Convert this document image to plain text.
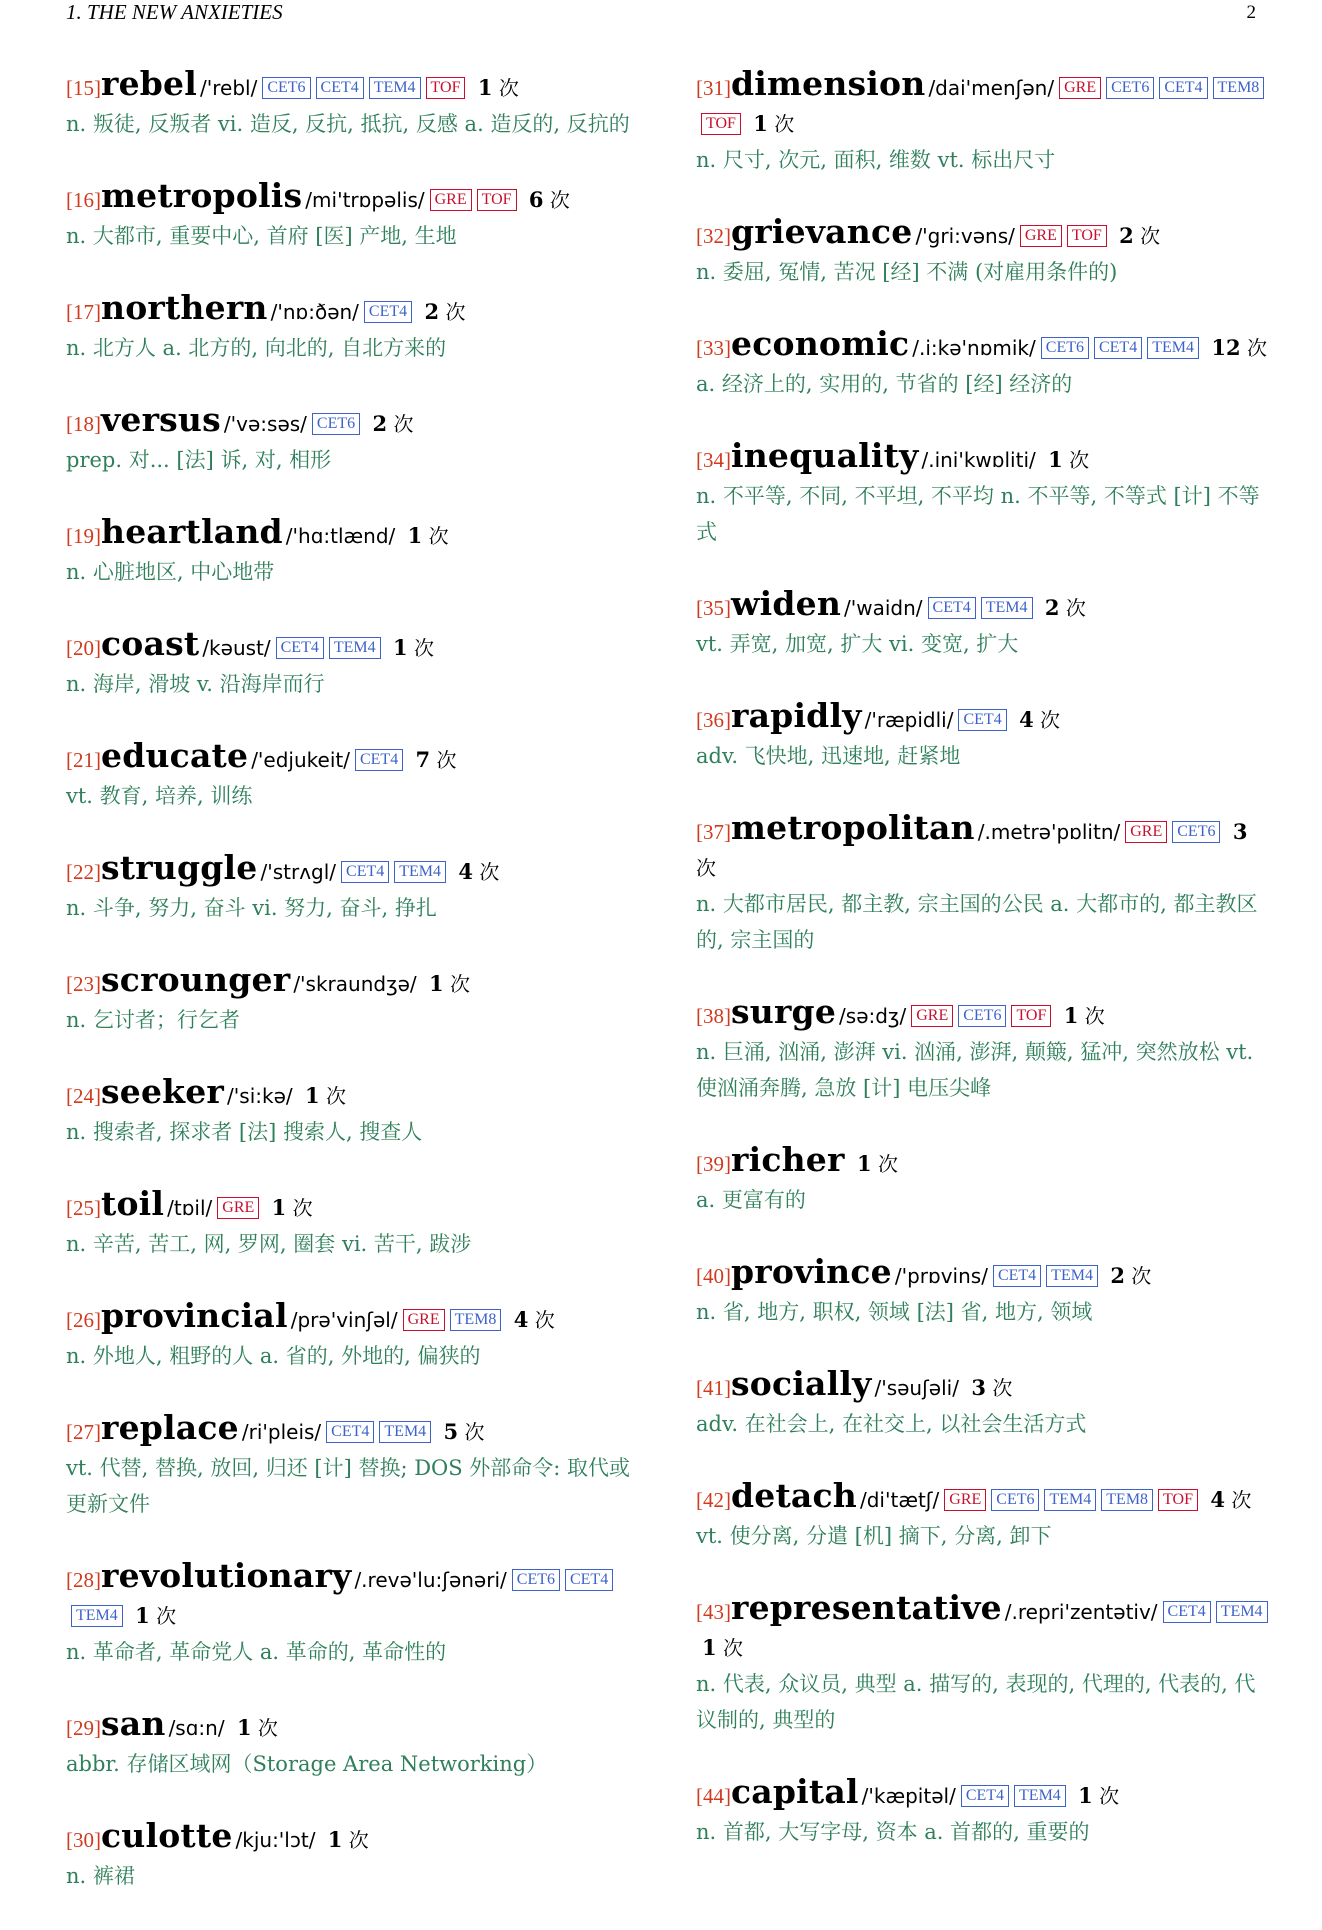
1. THE NEW ANXIETIES	2
[15]rebel /'rebl/ CET6 CET4 TEM4 TOF 1 次
n. 叛徒, 反叛者 vi. 造反, 反抗, 抵抗, 反感 a. 造反的, 反抗的
[16]metropolis /mi'trɒpəlis/ GRE TOF 6 次
n. 大都市, 重要中心, 首府 [医] 产地, 生地
[17]northern /'nɒ:ðən/ CET4 2 次
n. 北方人 a. 北方的, 向北的, 自北方来的
[18]versus /'və:səs/ CET6 2 次
prep. 对... [法] 诉, 对, 相形
[19]heartland /'hɑ:tlænd/ 1 次
n. 心脏地区, 中心地带
[20]coast /kəust/ CET4 TEM4 1 次
n. 海岸, 滑坡 v. 沿海岸而行
[21]educate /'edjukeit/ CET4 7 次
vt. 教育, 培养, 训练
[22]struggle /'strʌgl/ CET4 TEM4 4 次
n. 斗争, 努力, 奋斗 vi. 努力, 奋斗, 挣扎
[23]scrounger /'skraundʒə/ 1 次
n. 乞讨者；行乞者
[24]seeker /'si:kə/ 1 次
n. 搜索者, 探求者 [法] 搜索人, 搜查人
[25]toil /tɒil/ GRE 1 次
n. 辛苦, 苦工, 网, 罗网, 圈套 vi. 苦干, 跋涉
[26]provincial /prə'vinʃəl/ GRE TEM8 4 次
n. 外地人, 粗野的人 a. 省的, 外地的, 偏狭的
[27]replace /ri'pleis/ CET4 TEM4 5 次
vt. 代替, 替换, 放回, 归还 [计] 替换; DOS 外部命令: 取代或更新文件
[28]revolutionary /.revə'lu:ʃənəri/ CET6 CET4TEM4 1 次
n. 革命者, 革命党人 a. 革命的, 革命性的
[29]san /sɑ:n/ 1 次
abbr. 存储区域网（Storage Area Networking）
[30]culotte /kju:'lɔt/ 1 次
n. 裤裙
[31]dimension /dai'menʃən/ GRE CET6 CET4 TEM8TOF 1 次
n. 尺寸, 次元, 面积, 维数 vt. 标出尺寸
[32]grievance /'gri:vəns/ GRE TOF 2 次
n. 委屈, 冤情, 苦况 [经] 不满 (对雇用条件的)
[33]economic /.i:kə'nɒmik/ CET6 CET4 TEM4 12 次
a. 经济上的, 实用的, 节省的 [经] 经济的
[34]inequality /.ini'kwɒliti/ 1 次
n. 不平等, 不同, 不平坦, 不平均 n. 不平等, 不等式 [计] 不等式
[35]widen /'waidn/ CET4 TEM4 2 次
vt. 弄宽, 加宽, 扩大 vi. 变宽, 扩大
[36]rapidly /'ræpidli/ CET4 4 次
adv. 飞快地, 迅速地, 赶紧地
[37]metropolitan /.metrə'pɒlitn/ GRE CET6 3 次
n. 大都市居民, 都主教, 宗主国的公民 a. 大都市的, 都主教区的, 宗主国的
[38]surge /sə:dʒ/ GRE CET6 TOF 1 次
n. 巨涌, 汹涌, 澎湃 vi. 汹涌, 澎湃, 颠簸, 猛冲, 突然放松 vt. 使汹涌奔腾, 急放 [计] 电压尖峰
[39]richer 1 次
a. 更富有的
[40]province /'prɒvins/ CET4 TEM4 2 次
n. 省, 地方, 职权, 领域 [法] 省, 地方, 领域
[41]socially /'səuʃəli/ 3 次
adv. 在社会上, 在社交上, 以社会生活方式
[42]detach /di'tætʃ/ GRE CET6 TEM4 TEM8 TOF 4 次
vt. 使分离, 分遣 [机] 摘下, 分离, 卸下
[43]representative /.repri'zentətiv/ CET4 TEM4 1 次
n. 代表, 众议员, 典型 a. 描写的, 表现的, 代理的, 代表的, 代议制的, 典型的
[44]capital /'kæpitəl/ CET4 TEM4 1 次
n. 首都, 大写字母, 资本 a. 首都的, 重要的
